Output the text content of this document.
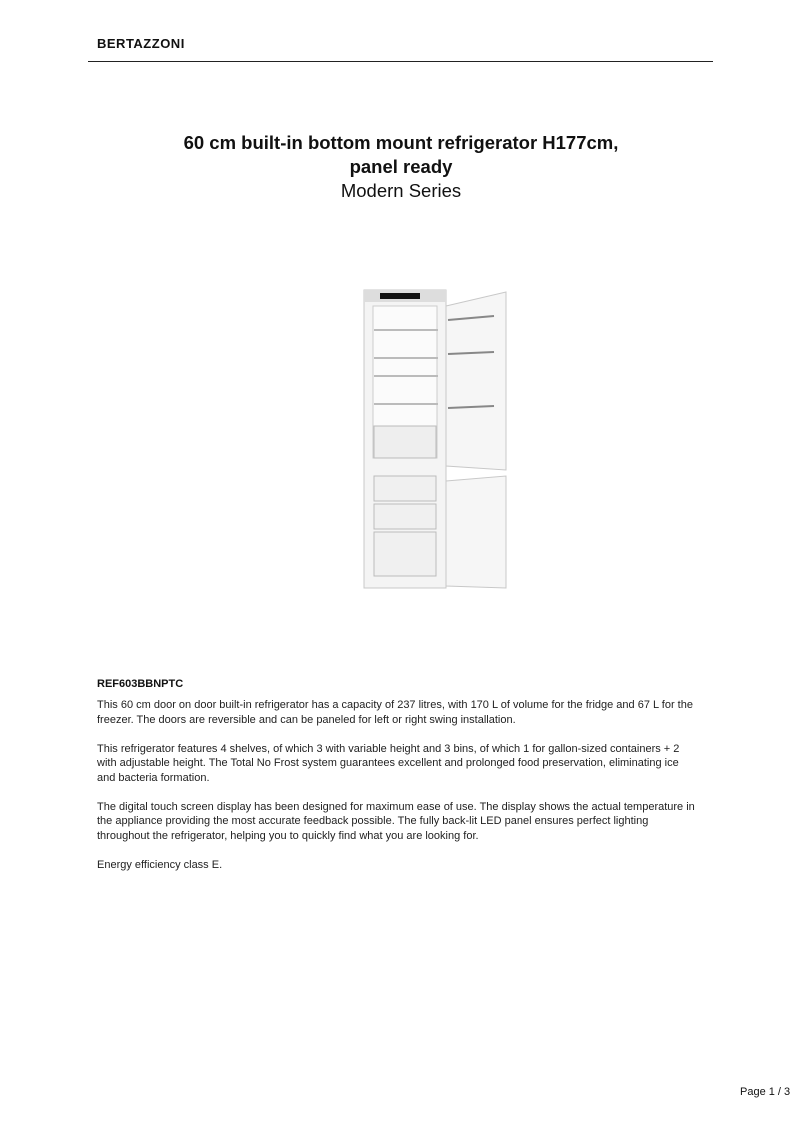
BERTAZZONI
60 cm built-in bottom mount refrigerator H177cm,
panel ready
Modern Series
REF603BBNPTC

This 60 cm door on door built-in refrigerator has a capacity of 237 litres, with 170 L of volume for the fridge and 67 L for the freezer. The doors are reversible and can be paneled for left or right swing installation.

This refrigerator features 4 shelves, of which 3 with variable height and 3 bins, of which 1 for gallon-sized containers + 2 with adjustable height. The Total No Frost system guarantees excellent and prolonged food preservation, eliminating ice and bacteria formation.

The digital touch screen display has been designed for maximum ease of use. The display shows the actual temperature in the appliance providing the most accurate feedback possible. The fully back-lit LED panel ensures perfect lighting throughout the refrigerator, helping you to quickly find what you are looking for.

Energy efficiency class E.

Page 1 / 3
